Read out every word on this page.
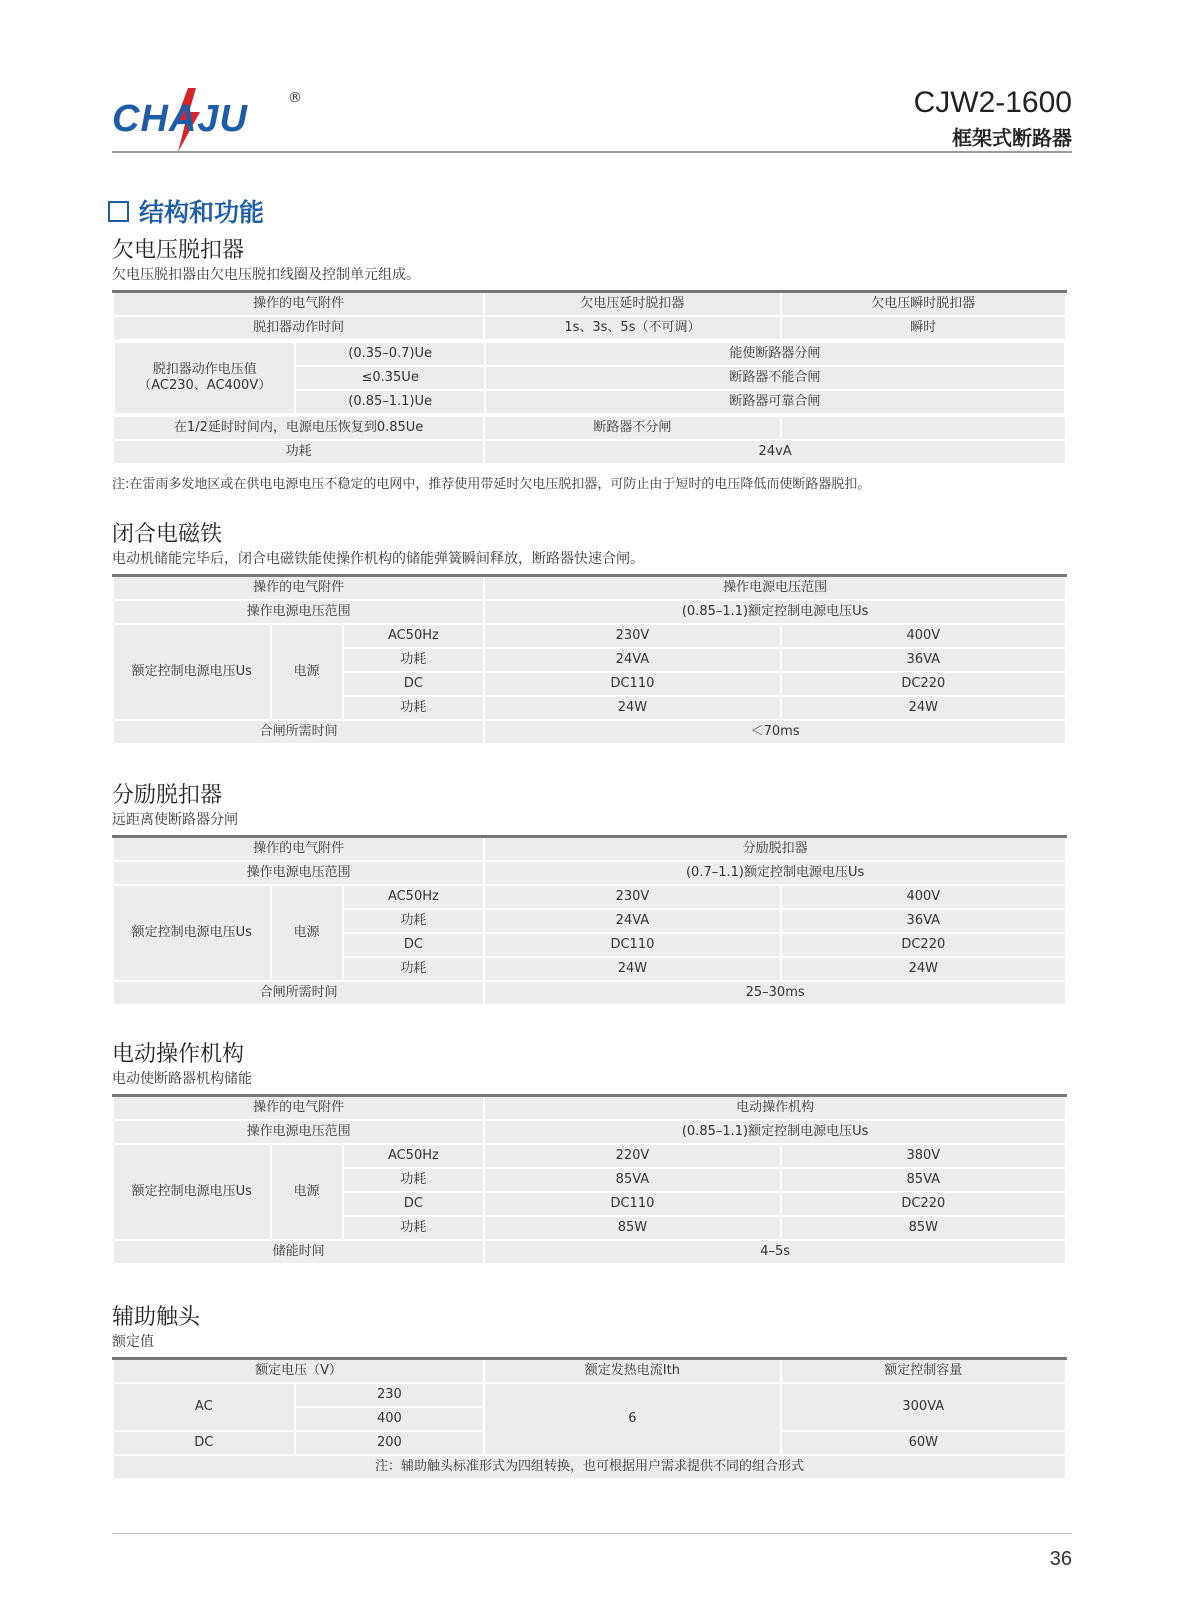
CHAJU	®	CJW2-1600
框架式断路器
结构和功能
欠电压脱扣器
欠电压脱扣器由欠电压脱扣线圈及控制单元组成。
操作的电气附件	欠电压延时脱扣器	欠电压瞬时脱扣器
脱扣器动作时间	1s、3s、5s（不可调）	瞬时

脱扣器动作电压值
（AC230、AC400V）
	(0.35–0.7)Ue	能使断路器分闸
≤0.35Ue	断路器不能合闸
(0.85–1.1)Ue	断路器可靠合闸

在1/2延时时间内，电源电压恢复到0.85Ue	断路器不分闸	
功耗	24vA
注:在雷雨多发地区或在供电电源电压不稳定的电网中，推荐使用带延时欠电压脱扣器，可防止由于短时的电压降低而使断路器脱扣。
闭合电磁铁
电动机储能完毕后，闭合电磁铁能使操作机构的储能弹簧瞬间释放，断路器快速合闸。
操作的电气附件			操作电源电压范围	
操作电源电压范围			(0.85–1.1)额定控制电源电压Us	
额定控制电源电压Us	电源	AC50Hz	230V	400V
		功耗	24VA	36VA
		DC	DC110	DC220
		功耗	24W	24W
合闸所需时间			＜70ms	
分励脱扣器
远距离使断路器分闸
操作的电气附件			分励脱扣器	
操作电源电压范围			(0.7–1.1)额定控制电源电压Us	
额定控制电源电压Us	电源	AC50Hz	230V	400V
		功耗	24VA	36VA
		DC	DC110	DC220
		功耗	24W	24W
合闸所需时间			25–30ms	
电动操作机构
电动使断路器机构储能
操作的电气附件			电动操作机构	
操作电源电压范围			(0.85–1.1)额定控制电源电压Us	
额定控制电源电压Us	电源	AC50Hz	220V	380V
		功耗	85VA	85VA
		DC	DC110	DC220
		功耗	85W	85W
储能时间			4–5s	
辅助触头
额定值
额定电压（V）		额定发热电流Ith	额定控制容量
AC	230	6	300VA
	400		
DC	200		60W
注：辅助触头标准形式为四组转换，也可根据用户需求提供不同的组合形式			
36
